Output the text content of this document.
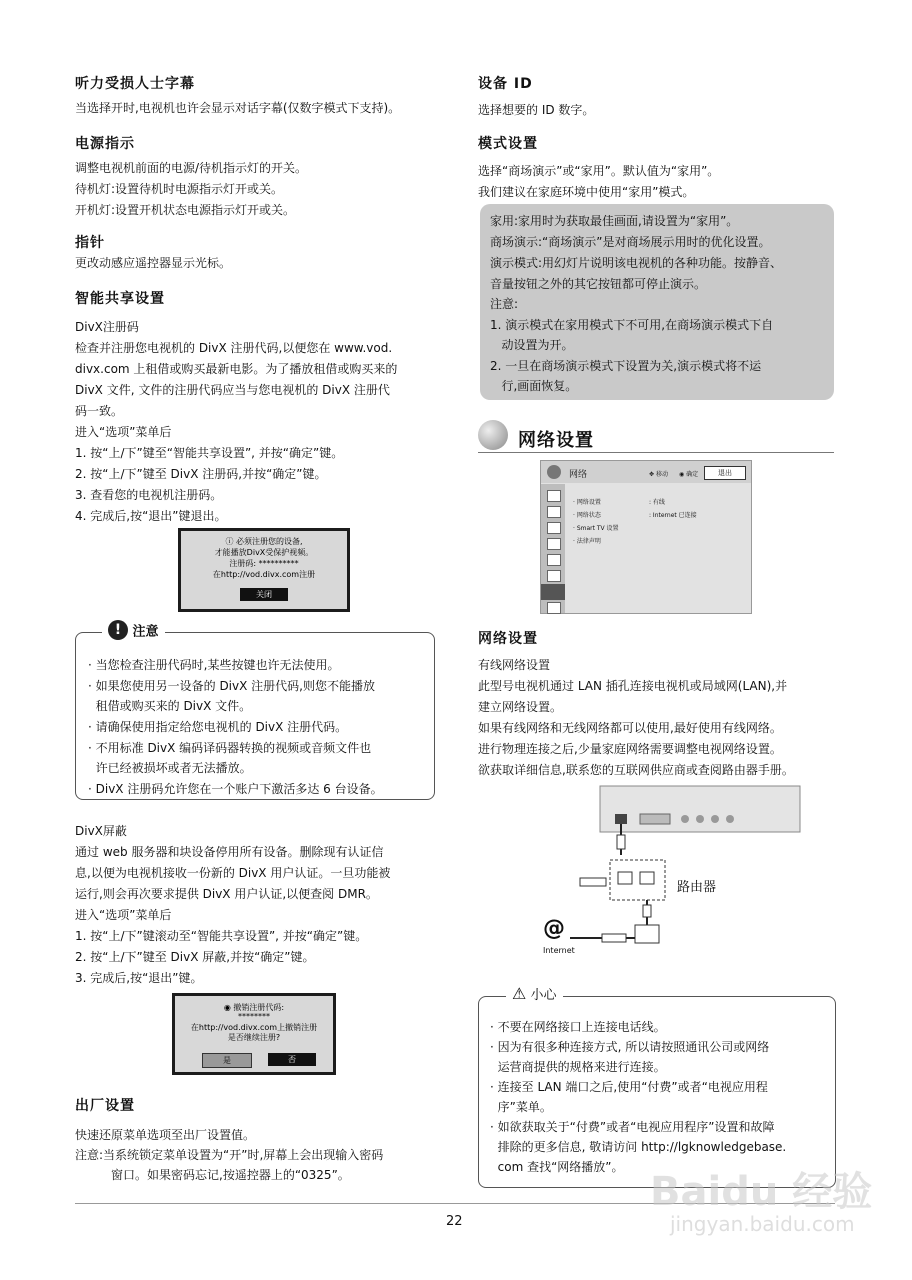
听力受损人士字幕
当选择开时,电视机也许会显示对话字幕(仅数字模式下支持)。
电源指示
调整电视机前面的电源/待机指示灯的开关。
待机灯:设置待机时电源指示灯开或关。
开机灯:设置开机状态电源指示灯开或关。
指针
更改动感应遥控器显示光标。
智能共享设置
DivX注册码
检查并注册您电视机的 DivX 注册代码,以便您在 www.vod.
divx.com 上租借或购买最新电影。为了播放租借或购买来的
DivX 文件, 文件的注册代码应当与您电视机的 DivX 注册代
码一致。
进入“选项”菜单后
1. 按“上/下”键至“智能共享设置”, 并按“确定”键。
2. 按“上/下”键至 DivX 注册码,并按“确定”键。
3. 查看您的电视机注册码。
4. 完成后,按“退出”键退出。
ⓘ 必须注册您的设备,
才能播放DivX受保护视频。
注册码: **********
在http://vod.divx.com注册
关闭
! 注意
· 当您检查注册代码时,某些按键也许无法使用。
· 如果您使用另一设备的 DivX 注册代码,则您不能播放
租借或购买来的 DivX 文件。
· 请确保使用指定给您电视机的 DivX 注册代码。
· 不用标准 DivX 编码译码器转换的视频或音频文件也
许已经被损坏或者无法播放。
· DivX 注册码允许您在一个账户下激活多达 6 台设备。
DivX屏蔽
通过 web 服务器和块设备停用所有设备。删除现有认证信
息,以便为电视机接收一份新的 DivX 用户认证。一旦功能被
运行,则会再次要求提供 DivX 用户认证,以便查阅 DMR。
进入“选项”菜单后
1. 按“上/下”键滚动至“智能共享设置”, 并按“确定”键。
2. 按“上/下”键至 DivX 屏蔽,并按“确定”键。
3. 完成后,按“退出”键。
◉ 撤销注册代码:
********
在http://vod.divx.com上撤销注册
是否继续注册?
是	否
出厂设置
快速还原菜单选项至出厂设置值。
注意:当系统锁定菜单设置为“开”时,屏幕上会出现输入密码
窗口。如果密码忘记,按遥控器上的“0325”。
设备 ID
选择想要的 ID 数字。
模式设置
选择“商场演示”或“家用”。默认值为“家用”。
我们建议在家庭环境中使用“家用”模式。
家用:家用时为获取最佳画面,请设置为“家用”。
商场演示:“商场演示”是对商场展示用时的优化设置。
演示模式:用幻灯片说明该电视机的各种功能。按静音、
音量按钮之外的其它按钮都可停止演示。
注意:
1. 演示模式在家用模式下不可用,在商场演示模式下自
动设置为开。
2. 一旦在商场演示模式下设置为关,演示模式将不运
行,画面恢复。
网络设置
网络	✥ 移动 ◉ 确定	退出
· 网络设置	: 有线
· 网络状态	: Internet 已连接
· Smart TV 设置
· 法律声明
网络设置
有线网络设置
此型号电视机通过 LAN 插孔连接电视机或局域网(LAN),并
建立网络设置。
如果有线网络和无线网络都可以使用,最好使用有线网络。
进行物理连接之后,少量家庭网络需要调整电视网络设置。
欲获取详细信息,联系您的互联网供应商或查阅路由器手册。
路由器
@
Internet
⚠ 小心
· 不要在网络接口上连接电话线。
· 因为有很多种连接方式, 所以请按照通讯公司或网络
运营商提供的规格来进行连接。
· 连接至 LAN 端口之后,使用“付费”或者“电视应用程
序”菜单。
· 如欲获取关于“付费”或者“电视应用程序”设置和故障
排除的更多信息, 敬请访问 http://lgknowledgebase.
com 查找“网络播放”。
22
Baidu 经验
jingyan.baidu.com
